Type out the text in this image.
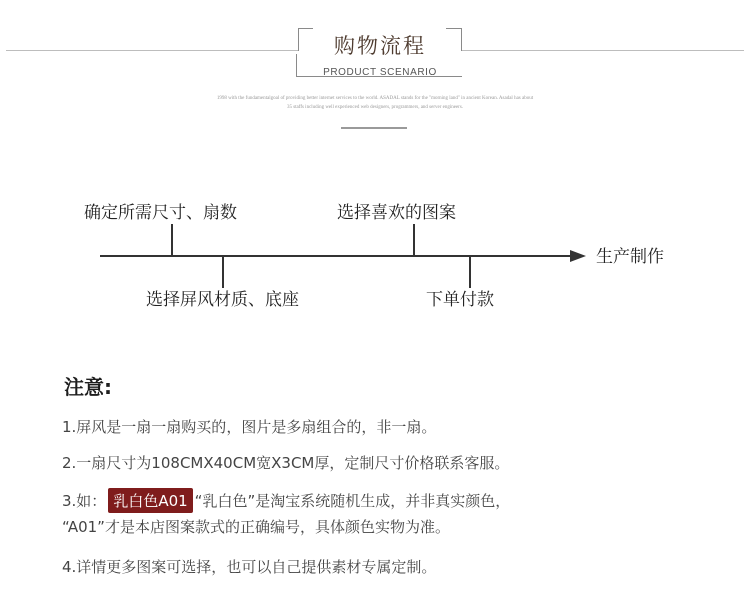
购物流程
PRODUCT SCENARIO
1998 with the fundamentalgoal of providing better internet services to the world. ASADAL stands for the "morning land" in ancient Korean. Asadal has about
35 staffs including well experienced web designers, programmers, and server engineers.
确定所需尺寸、扇数	选择喜欢的图案
选择屏风材质、底座	下单付款
生产制作
注意:
1.屏风是一扇一扇购买的，图片是多扇组合的，非一扇。
2.一扇尺寸为108CMX40CM宽X3CM厚，定制尺寸价格联系客服。
3.如： 乳白色A01 “乳白色”是淘宝系统随机生成，并非真实颜色，
“A01”才是本店图案款式的正确编号，具体颜色实物为准。
4.详情更多图案可选择，也可以自己提供素材专属定制。
